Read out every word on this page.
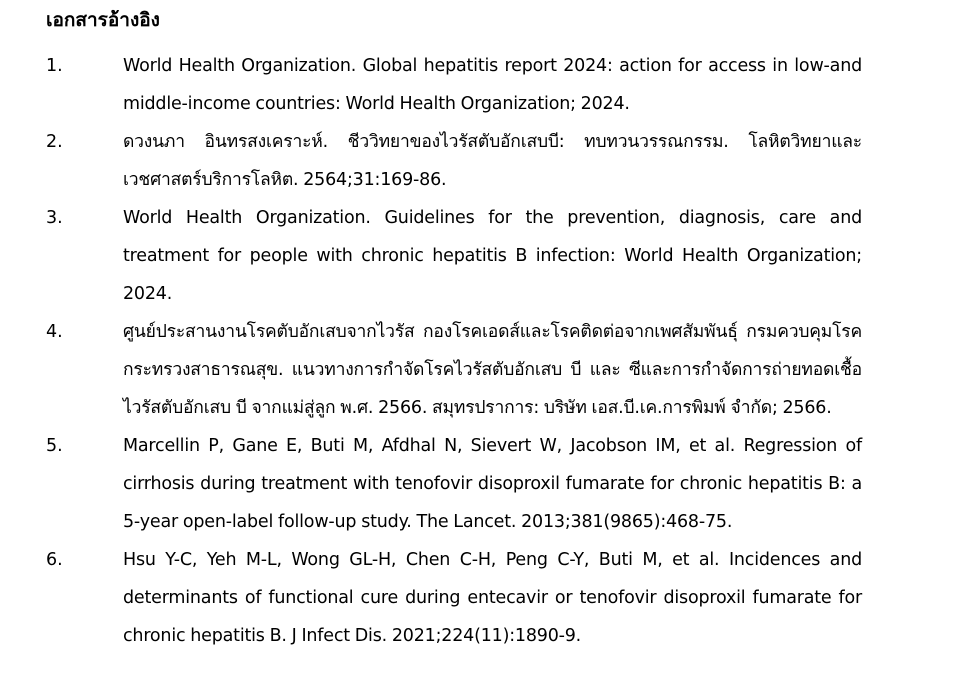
เอกสารอ้างอิง
1.	World Health Organization. Global hepatitis report 2024: action for access in low-and middle-income countries: World Health Organization; 2024.
2.	ดวงนภา อินทรสงเคราะห์. ชีววิทยาของไวรัสตับอักเสบบี: ทบทวนวรรณกรรม. โลหิตวิทยาและเวชศาสตร์บริการโลหิต. 2564;31:169-86.
3.	World Health Organization. Guidelines for the prevention, diagnosis, care and treatment for people with chronic hepatitis B infection: World Health Organization; 2024.
4.	ศูนย์ประสานงานโรคตับอักเสบจากไวรัส กองโรคเอดส์และโรคติดต่อจากเพศสัมพันธุ์ กรมควบคุมโรค กระทรวงสาธารณสุข. แนวทางการกำจัดโรคไวรัสตับอักเสบ บี และ ซีและการกำจัดการถ่ายทอดเชื้อไวรัสตับอักเสบ บี จากแม่สู่ลูก พ.ศ. 2566. สมุทรปราการ: บริษัท เอส.บี.เค.การพิมพ์ จำกัด; 2566.
5.	Marcellin P, Gane E, Buti M, Afdhal N, Sievert W, Jacobson IM, et al. Regression of cirrhosis during treatment with tenofovir disoproxil fumarate for chronic hepatitis B: a 5-year open-label follow-up study. The Lancet. 2013;381(9865):468-75.
6.	Hsu Y-C, Yeh M-L, Wong GL-H, Chen C-H, Peng C-Y, Buti M, et al. Incidences and determinants of functional cure during entecavir or tenofovir disoproxil fumarate for chronic hepatitis B. J Infect Dis. 2021;224(11):1890-9.
